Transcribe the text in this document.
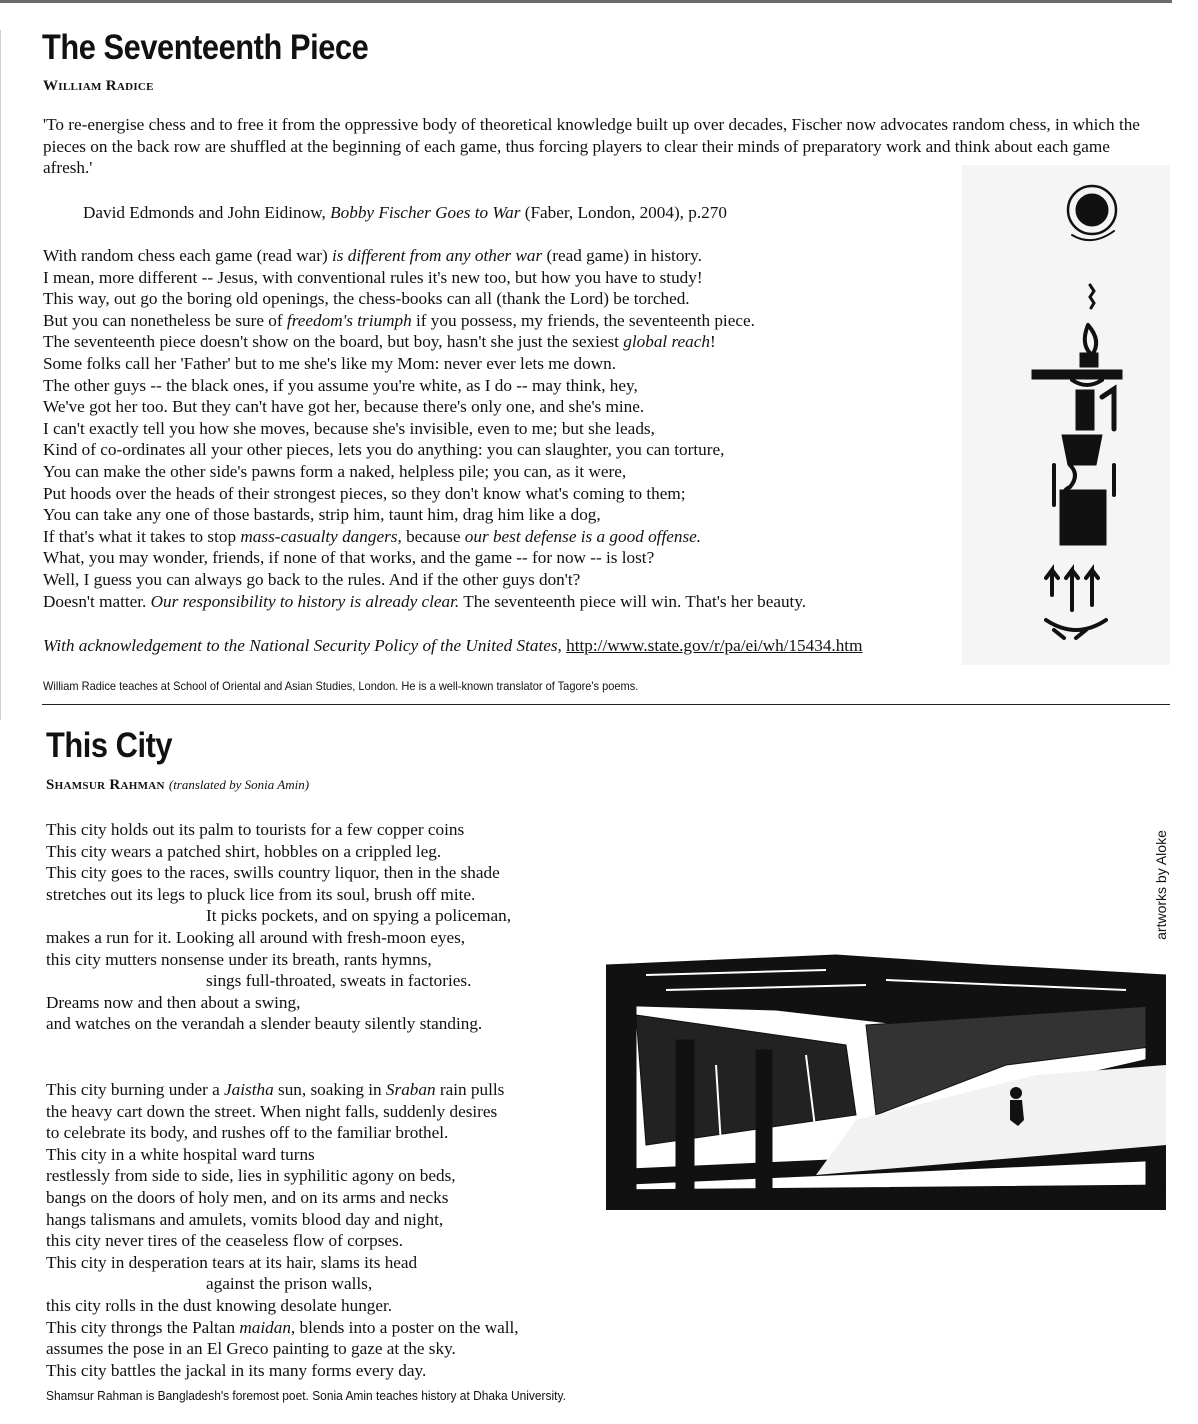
The Seventeenth Piece
William Radice
'To re-energise chess and to free it from the oppressive body of theoretical knowledge built up over decades, Fischer now advocates random chess, in which the pieces on the back row are shuffled at the beginning of each game, thus forcing players to clear their minds of preparatory work and think about each game afresh.'
David Edmonds and John Eidinow, Bobby Fischer Goes to War (Faber, London, 2004), p.270
With random chess each game (read war) is different from any other war (read game) in history.
I mean, more different -- Jesus, with conventional rules it's new too, but how you have to study!
This way, out go the boring old openings, the chess-books can all (thank the Lord) be torched.
But you can nonetheless be sure of freedom's triumph if you possess, my friends, the seventeenth piece.
The seventeenth piece doesn't show on the board, but boy, hasn't she just the sexiest global reach!
Some folks call her 'Father' but to me she's like my Mom: never ever lets me down.
The other guys -- the black ones, if you assume you're white, as I do -- may think, hey,
We've got her too. But they can't have got her, because there's only one, and she's mine.
I can't exactly tell you how she moves, because she's invisible, even to me; but she leads,
Kind of co-ordinates all your other pieces, lets you do anything: you can slaughter, you can torture,
You can make the other side's pawns form a naked, helpless pile; you can, as it were,
Put hoods over the heads of their strongest pieces, so they don't know what's coming to them;
You can take any one of those bastards, strip him, taunt him, drag him like a dog,
If that's what it takes to stop mass-casualty dangers, because our best defense is a good offense.
What, you may wonder, friends, if none of that works, and the game -- for now -- is lost?
Well, I guess you can always go back to the rules. And if the other guys don't?
Doesn't matter. Our responsibility to history is already clear. The seventeenth piece will win. That's her beauty.
With acknowledgement to the National Security Policy of the United States, http://www.state.gov/r/pa/ei/wh/15434.htm
William Radice teaches at School of Oriental and Asian Studies, London. He is a well-known translator of Tagore's poems.
This City
Shamsur Rahman (translated by Sonia Amin)
This city holds out its palm to tourists for a few copper coins
This city wears a patched shirt, hobbles on a crippled leg.
This city goes to the races, swills country liquor, then in the shade
stretches out its legs to pluck lice from its soul, brush off mite.
It picks pockets, and on spying a policeman,
makes a run for it. Looking all around with fresh-moon eyes,
this city mutters nonsense under its breath, rants hymns,
sings full-throated, sweats in factories.
Dreams now and then about a swing,
and watches on the verandah a slender beauty silently standing.
This city burning under a Jaistha sun, soaking in Sraban rain pulls
the heavy cart down the street. When night falls, suddenly desires
to celebrate its body, and rushes off to the familiar brothel.
This city in a white hospital ward turns
restlessly from side to side, lies in syphilitic agony on beds,
bangs on the doors of holy men, and on its arms and necks
hangs talismans and amulets, vomits blood day and night,
this city never tires of the ceaseless flow of corpses.
This city in desperation tears at its hair, slams its head
against the prison walls,
this city rolls in the dust knowing desolate hunger.
This city throngs the Paltan maidan, blends into a poster on the wall,
assumes the pose in an El Greco painting to gaze at the sky.
This city battles the jackal in its many forms every day.
Shamsur Rahman is Bangladesh's foremost poet. Sonia Amin teaches history at Dhaka University.
artworks by Aloke
